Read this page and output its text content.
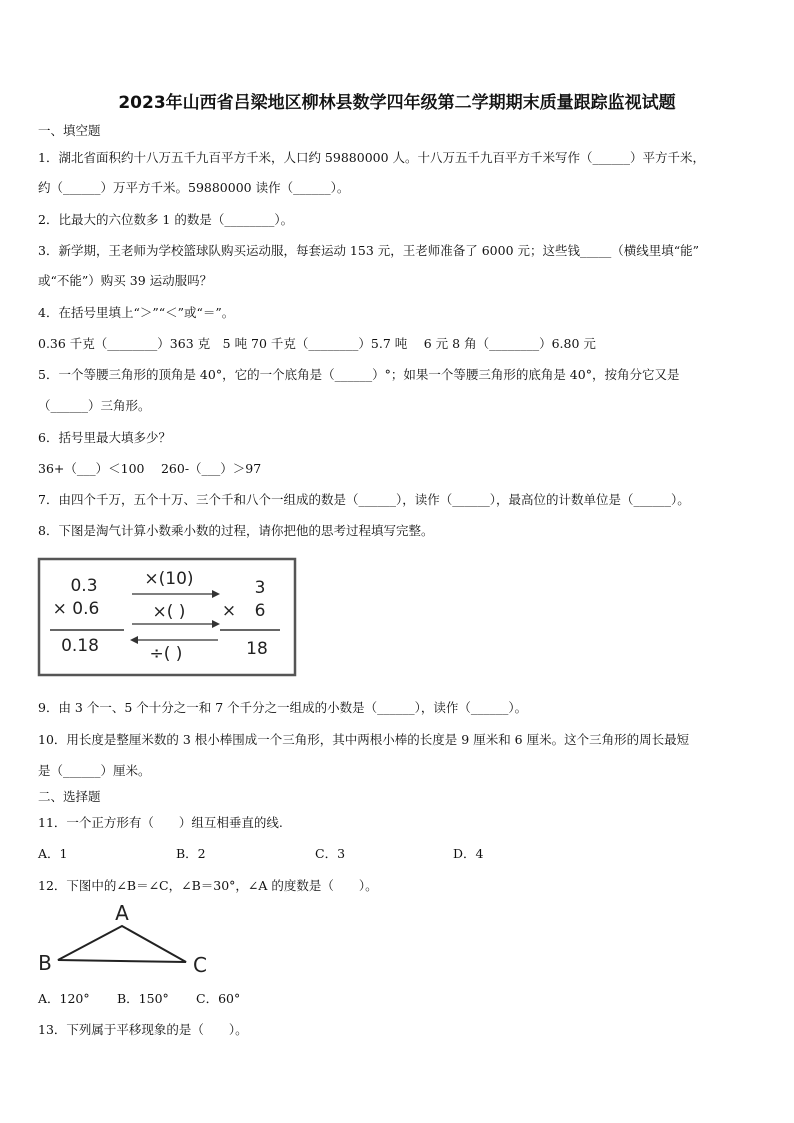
2023年山西省吕梁地区柳林县数学四年级第二学期期末质量跟踪监视试题
一、填空题
1．湖北省面积约十八万五千九百平方千米，人口约 59880000 人。十八万五千九百平方千米写作（______）平方千米，
约（______）万平方千米。59880000 读作（______）。
2．比最大的六位数多 1 的数是（________）。
3．新学期，王老师为学校篮球队购买运动服，每套运动 153 元，王老师准备了 6000 元；这些钱_____（横线里填“能”
或“不能”）购买 39 运动服吗？
4．在括号里填上“＞”“＜”或“＝”。
0.36 千克（________）363 克　5 吨 70 千克（________）5.7 吨　 6 元 8 角（________）6.80 元
5．一个等腰三角形的顶角是 40°，它的一个底角是（______）°；如果一个等腰三角形的底角是 40°，按角分它又是
（______）三角形。
6．括号里最大填多少？
36+（___）＜100　 260-（___）＞97
7．由四个千万，五个十万、三个千和八个一组成的数是（______），读作（______），最高位的计数单位是（______）。
8．下图是淘气计算小数乘小数的过程，请你把他的思考过程填写完整。
0.3
× 0.6
0.18
×(10)
×( )
÷( )
3
× 6
18
9．由 3 个一、5 个十分之一和 7 个千分之一组成的小数是（______），读作（______）。
10．用长度是整厘米数的 3 根小棒围成一个三角形，其中两根小棒的长度是 9 厘米和 6 厘米。这个三角形的周长最短
是（______）厘米。
二、选择题
11．一个正方形有（　　）组互相垂直的线.
A．1	B．2	C．3	D．4
12．下图中的∠B＝∠C，∠B＝30°，∠A 的度数是（　　）。
A
B	C
A．120° B．150° C．60°
13．下列属于平移现象的是（　　）。
